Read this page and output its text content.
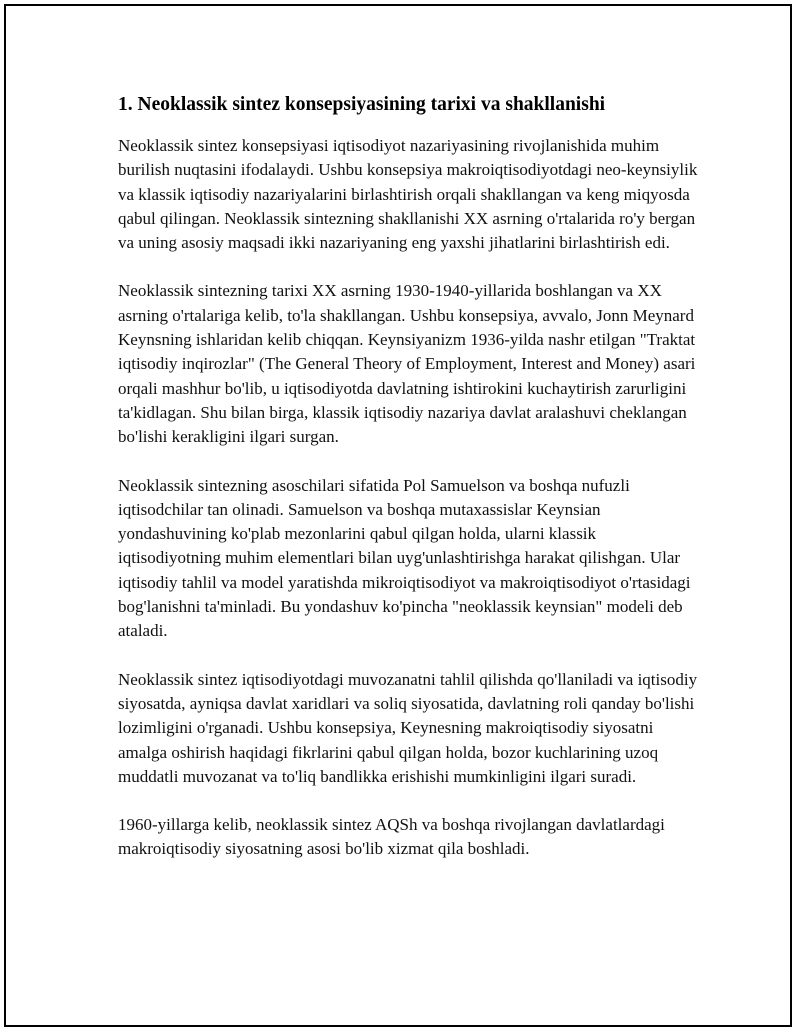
1. Neoklassik sintez konsepsiyasining tarixi va shakllanishi

Neoklassik sintez konsepsiyasi iqtisodiyot nazariyasining rivojlanishida muhim burilish nuqtasini ifodalaydi. Ushbu konsepsiya makroiqtisodiyotdagi neo-keynsiylik va klassik iqtisodiy nazariyalarini birlashtirish orqali shakllangan va keng miqyosda qabul qilingan. Neoklassik sintezning shakllanishi XX asrning o'rtalarida ro'y bergan va uning asosiy maqsadi ikki nazariyaning eng yaxshi jihatlarini birlashtirish edi.

Neoklassik sintezning tarixi XX asrning 1930-1940-yillarida boshlangan va XX asrning o'rtalariga kelib, to'la shakllangan. Ushbu konsepsiya, avvalo, Jonn Meynard Keynsning ishlaridan kelib chiqqan. Keynsiyanizm 1936-yilda nashr etilgan "Traktat iqtisodiy inqirozlar" (The General Theory of Employment, Interest and Money) asari orqali mashhur bo'lib, u iqtisodiyotda davlatning ishtirokini kuchaytirish zarurligini ta'kidlagan. Shu bilan birga, klassik iqtisodiy nazariya davlat aralashuvi cheklangan bo'lishi kerakligini ilgari surgan.

Neoklassik sintezning asoschilari sifatida Pol Samuelson va boshqa nufuzli iqtisodchilar tan olinadi. Samuelson va boshqa mutaxassislar Keynsian yondashuvining ko'plab mezonlarini qabul qilgan holda, ularni klassik iqtisodiyotning muhim elementlari bilan uyg'unlashtirishga harakat qilishgan. Ular iqtisodiy tahlil va model yaratishda mikroiqtisodiyot va makroiqtisodiyot o'rtasidagi bog'lanishni ta'minladi. Bu yondashuv ko'pincha "neoklassik keynsian" modeli deb ataladi.

Neoklassik sintez iqtisodiyotdagi muvozanatni tahlil qilishda qo'llaniladi va iqtisodiy siyosatda, ayniqsa davlat xaridlari va soliq siyosatida, davlatning roli qanday bo'lishi lozimligini o'rganadi. Ushbu konsepsiya, Keynesning makroiqtisodiy siyosatni amalga oshirish haqidagi fikrlarini qabul qilgan holda, bozor kuchlarining uzoq muddatli muvozanat va to'liq bandlikka erishishi mumkinligini ilgari suradi.

1960-yillarga kelib, neoklassik sintez AQSh va boshqa rivojlangan davlatlardagi makroiqtisodiy siyosatning asosi bo'lib xizmat qila boshladi.
